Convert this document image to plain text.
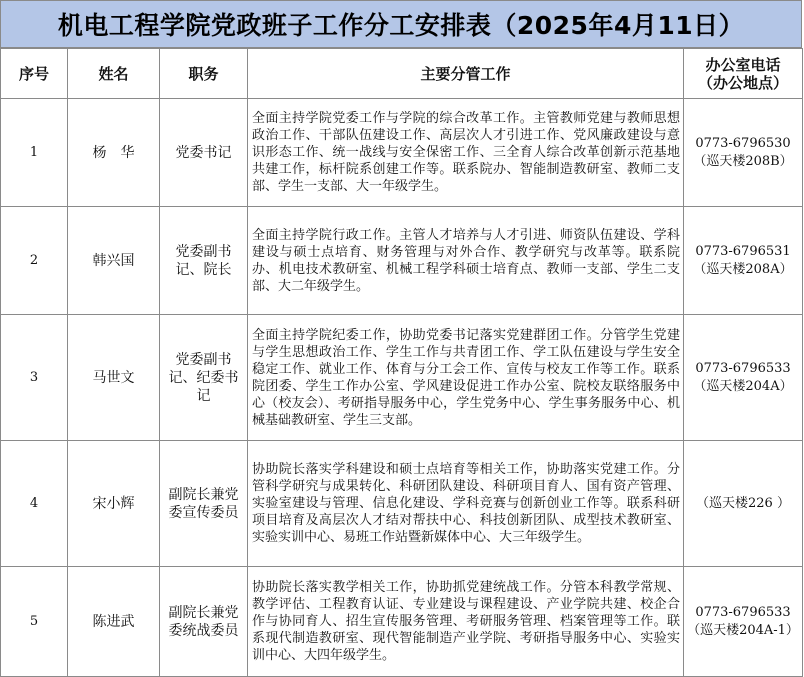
机电工程学院党政班子工作分工安排表（2025年4月11日）
序号	姓名	职务	主要分管工作	办公室电话
（办公地点）

1	杨　华	党委书记	全面主持学院党委工作与学院的综合改革工作。主管教师党建与教师思想政治工作、干部队伍建设工作、高层次人才引进工作、党风廉政建设与意识形态工作、统一战线与安全保密工作、三全育人综合改革创新示范基地共建工作，标杆院系创建工作等。联系院办、智能制造教研室、教师二支部、学生一支部、大一年级学生。	0773-6796530
（巡天楼208B）

2	韩兴国	党委副书记、院长	全面主持学院行政工作。主管人才培养与人才引进、师资队伍建设、学科建设与硕士点培育、财务管理与对外合作、教学研究与改革等。联系院办、机电技术教研室、机械工程学科硕士培育点、教师一支部、学生二支部、大二年级学生。	0773-6796531
（巡天楼208A）

3	马世文	党委副书记、纪委书记	全面主持学院纪委工作，协助党委书记落实党建群团工作。分管学生党建与学生思想政治工作、学生工作与共青团工作、学工队伍建设与学生安全稳定工作、就业工作、体育与分工会工作、宣传与校友工作等工作。联系院团委、学生工作办公室、学风建设促进工作办公室、院校友联络服务中心（校友会）、考研指导服务中心，学生党务中心、学生事务服务中心、机械基础教研室、学生三支部。	0773-6796533
（巡天楼204A）

4	宋小辉	副院长兼党委宣传委员	协助院长落实学科建设和硕士点培育等相关工作，协助落实党建工作。分管科学研究与成果转化、科研团队建设、科研项目育人、国有资产管理、实验室建设与管理、信息化建设、学科竞赛与创新创业工作等。联系科研项目培育及高层次人才结对帮扶中心、科技创新团队、成型技术教研室、实验实训中心、易班工作站暨新媒体中心、大三年级学生。	（巡天楼226 ）

5	陈进武	副院长兼党委统战委员	协助院长落实教学相关工作，协助抓党建统战工作。分管本科教学常规、教学评估、工程教育认证、专业建设与课程建设、产业学院共建、校企合作与协同育人、招生宣传服务管理、考研服务管理、档案管理等工作。联系现代制造教研室、现代智能制造产业学院、考研指导服务中心、实验实训中心、大四年级学生。	0773-6796533
（巡天楼204A-1）
